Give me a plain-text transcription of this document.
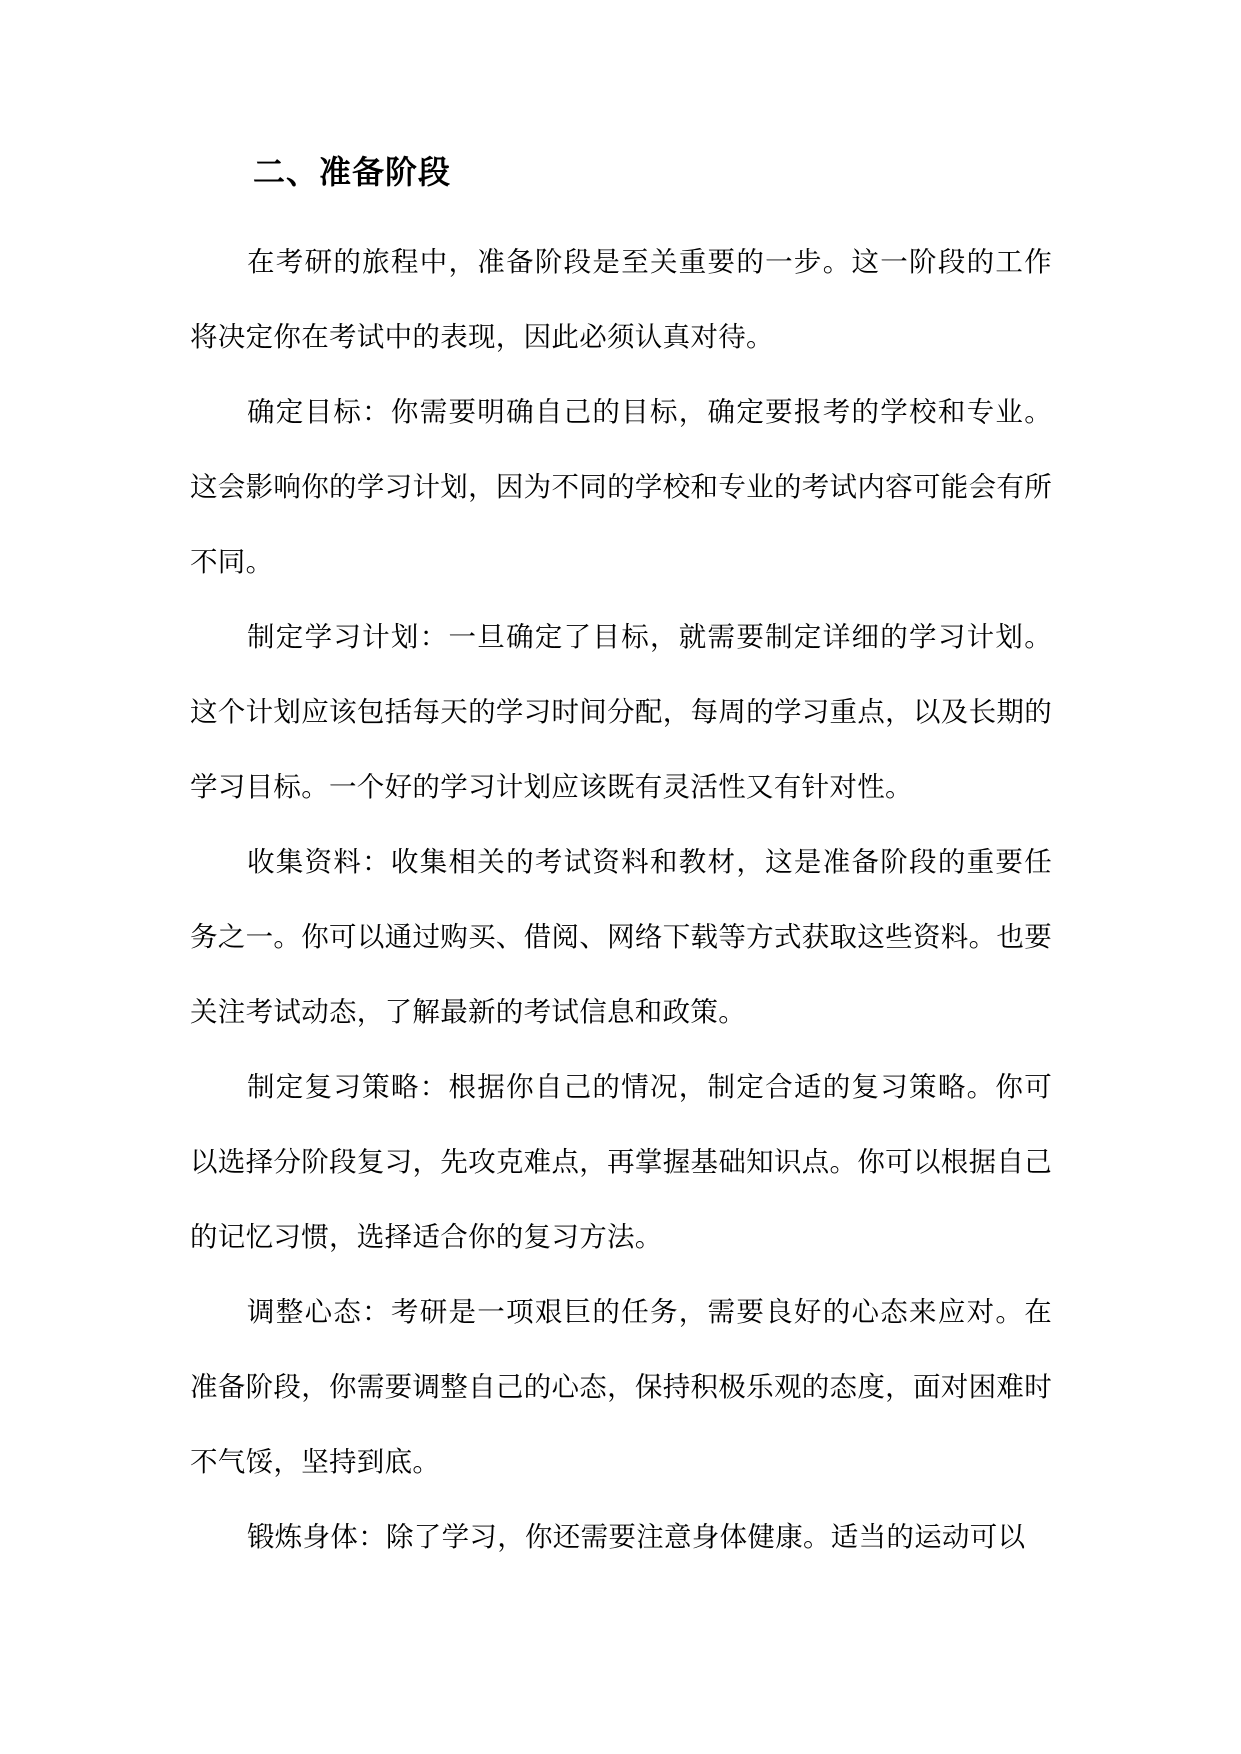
二、准备阶段

在考研的旅程中，准备阶段是至关重要的一步。这一阶段的工作将决定你在考试中的表现，因此必须认真对待。

确定目标：你需要明确自己的目标，确定要报考的学校和专业。这会影响你的学习计划，因为不同的学校和专业的考试内容可能会有所不同。

制定学习计划：一旦确定了目标，就需要制定详细的学习计划。这个计划应该包括每天的学习时间分配，每周的学习重点，以及长期的学习目标。一个好的学习计划应该既有灵活性又有针对性。

收集资料：收集相关的考试资料和教材，这是准备阶段的重要任务之一。你可以通过购买、借阅、网络下载等方式获取这些资料。也要关注考试动态，了解最新的考试信息和政策。

制定复习策略：根据你自己的情况，制定合适的复习策略。你可以选择分阶段复习，先攻克难点，再掌握基础知识点。你可以根据自己的记忆习惯，选择适合你的复习方法。

调整心态：考研是一项艰巨的任务，需要良好的心态来应对。在准备阶段，你需要调整自己的心态，保持积极乐观的态度，面对困难时不气馁，坚持到底。

锻炼身体：除了学习，你还需要注意身体健康。适当的运动可以
